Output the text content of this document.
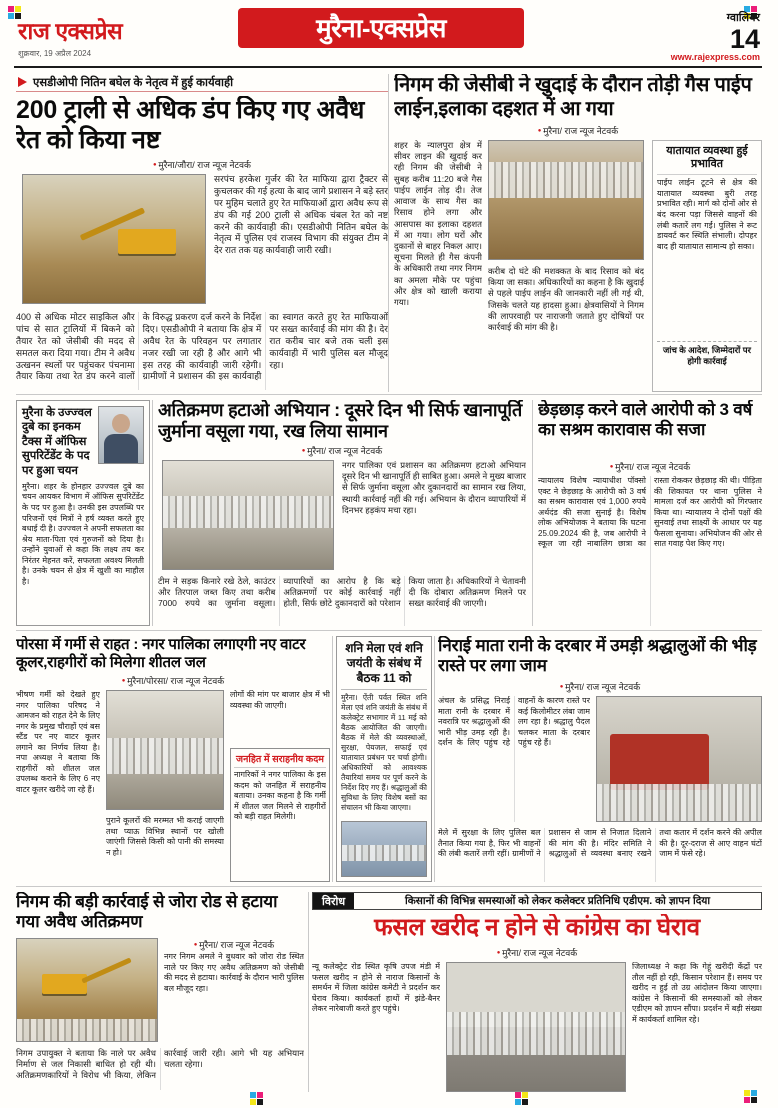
राज एक्सप्रेस
शुक्रवार, 19 अप्रैल 2024
मुरैना-एक्सप्रेस	ग्वालियर
14
www.rajexpress.com
एसडीओपी नितिन बघेल के नेतृत्व में हुई कार्यवाही
200 ट्राली से अधिक डंप किए गए अवैध रेत को किया नष्ट
● मुरैना/जौरा/ राज न्यूज नेटवर्क
सरपंच हरकेश गुर्जर की रेत माफिया द्वारा ट्रैक्टर से कुचलकर की गई हत्या के बाद जागे प्रशासन ने बड़े स्तर पर मुहिम चलाते हुए रेत माफियाओं द्वारा अवैध रूप से डंप की गई 200 ट्राली से अधिक चंबल रेत को नष्ट करने की कार्यवाही की। एसडीओपी नितिन बघेल के नेतृत्व में पुलिस एवं राजस्व विभाग की संयुक्त टीम ने देर रात तक यह कार्यवाही जारी रखी।
400 से अधिक मोटर साइकिल और पांच से सात ट्रालियों में बिकने को तैयार रेत को जेसीबी की मदद से समतल करा दिया गया। टीम ने अवैध उत्खनन स्थलों पर पहुंचकर पंचनामा तैयार किया तथा रेत डंप करने वालों के विरुद्ध प्रकरण दर्ज करने के निर्देश दिए। एसडीओपी ने बताया कि क्षेत्र में अवैध रेत के परिवहन पर लगातार नजर रखी जा रही है और आगे भी इस तरह की कार्यवाही जारी रहेगी। ग्रामीणों ने प्रशासन की इस कार्यवाही का स्वागत करते हुए रेत माफियाओं पर सख्त कार्रवाई की मांग की है। देर रात करीब चार बजे तक चली इस कार्यवाही में भारी पुलिस बल मौजूद रहा।
निगम की जेसीबी ने खुदाई के दौरान तोड़ी गैस पाईप लाईन,इलाका दहशत में आ गया
● मुरैना/ राज न्यूज नेटवर्क
शहर के न्यालपुरा क्षेत्र में सीवर लाइन की खुदाई कर रही निगम की जेसीबी ने सुबह करीब 11:20 बजे गैस पाईप लाईन तोड़ दी। तेज आवाज के साथ गैस का रिसाव होने लगा और आसपास का इलाका दहशत में आ गया। लोग घरों और दुकानों से बाहर निकल आए। सूचना मिलते ही गैस कंपनी के अधिकारी तथा नगर निगम का अमला मौके पर पहुंचा और क्षेत्र को खाली कराया गया।
करीब दो घंटे की मशक्कत के बाद रिसाव को बंद किया जा सका। अधिकारियों का कहना है कि खुदाई से पहले पाईप लाईन की जानकारी नहीं ली गई थी, जिसके चलते यह हादसा हुआ। क्षेत्रवासियों ने निगम की लापरवाही पर नाराजगी जताते हुए दोषियों पर कार्रवाई की मांग की है।
यातायात व्यवस्था हुई प्रभावित
पाईप लाईन टूटने से क्षेत्र की यातायात व्यवस्था बुरी तरह प्रभावित रही। मार्ग को दोनों ओर से बंद करना पड़ा जिससे वाहनों की लंबी कतारें लग गईं। पुलिस ने रूट डायवर्ट कर स्थिति संभाली। दोपहर बाद ही यातायात सामान्य हो सका।
जांच के आदेश, जिम्मेदारों पर होगी कार्रवाई
मुरैना के उज्ज्वल दुबे का इनकम टैक्स में ऑफिस सुपरिटेंडेंट के पद पर हुआ चयन
मुरैना। शहर के होनहार उज्ज्वल दुबे का चयन आयकर विभाग में ऑफिस सुपरिटेंडेंट के पद पर हुआ है। उनकी इस उपलब्धि पर परिजनों एवं मित्रों ने हर्ष व्यक्त करते हुए बधाई दी है। उज्ज्वल ने अपनी सफलता का श्रेय माता-पिता एवं गुरुजनों को दिया है। उन्होंने युवाओं से कहा कि लक्ष्य तय कर निरंतर मेहनत करें, सफलता अवश्य मिलती है। उनके चयन से क्षेत्र में खुशी का माहौल है।
अतिक्रमण हटाओ अभियान : दूसरे दिन भी सिर्फ खानापूर्ति जुर्माना वसूला गया, रख लिया सामान
● मुरैना/ राज न्यूज नेटवर्क
नगर पालिका एवं प्रशासन का अतिक्रमण हटाओ अभियान दूसरे दिन भी खानापूर्ति ही साबित हुआ। अमले ने मुख्य बाजार से सिर्फ जुर्माना वसूला और दुकानदारों का सामान रख लिया, स्थायी कार्रवाई नहीं की गई। अभियान के दौरान व्यापारियों में दिनभर हड़कंप मचा रहा।
टीम ने सड़क किनारे रखे ठेले, काउंटर और तिरपाल जब्त किए तथा करीब 7000 रुपये का जुर्माना वसूला। व्यापारियों का आरोप है कि बड़े अतिक्रमणों पर कोई कार्रवाई नहीं होती, सिर्फ छोटे दुकानदारों को परेशान किया जाता है। अधिकारियों ने चेतावनी दी कि दोबारा अतिक्रमण मिलने पर सख्त कार्रवाई की जाएगी।
छेड़छाड़ करने वाले आरोपी को 3 वर्ष का सश्रम कारावास की सजा
● मुरैना/ राज न्यूज नेटवर्क
न्यायालय विशेष न्यायाधीश पॉक्सो एक्ट ने छेड़छाड़ के आरोपी को 3 वर्ष का सश्रम कारावास एवं 1,000 रुपये अर्थदंड की सजा सुनाई है। विशेष लोक अभियोजक ने बताया कि घटना 25.09.2024 की है, जब आरोपी ने स्कूल जा रही नाबालिग छात्रा का रास्ता रोककर छेड़छाड़ की थी। पीड़िता की शिकायत पर थाना पुलिस ने मामला दर्ज कर आरोपी को गिरफ्तार किया था। न्यायालय ने दोनों पक्षों की सुनवाई तथा साक्ष्यों के आधार पर यह फैसला सुनाया। अभियोजन की ओर से सात गवाह पेश किए गए।
पोरसा में गर्मी से राहत : नगर पालिका लगाएगी नए वाटर कूलर,राहगीरों को मिलेगा शीतल जल
● मुरैना/पोरसा/ राज न्यूज नेटवर्क
भीषण गर्मी को देखते हुए नगर पालिका परिषद ने आमजन को राहत देने के लिए नगर के प्रमुख चौराहों एवं बस स्टैंड पर नए वाटर कूलर लगाने का निर्णय लिया है। नपा अध्यक्ष ने बताया कि राहगीरों को शीतल जल उपलब्ध कराने के लिए 6 नए वाटर कूलर खरीदे जा रहे हैं।
पुराने कूलरों की मरम्मत भी कराई जाएगी तथा प्याऊ विभिन्न स्थानों पर खोली जाएंगी जिससे किसी को पानी की समस्या न हो।
लोगों की मांग पर बाजार क्षेत्र में भी व्यवस्था की जाएगी।
जनहित में सराहनीय कदम
नागरिकों ने नगर पालिका के इस कदम को जनहित में सराहनीय बताया। उनका कहना है कि गर्मी में शीतल जल मिलने से राहगीरों को बड़ी राहत मिलेगी।
शनि मेला एवं शनि जयंती के संबंध में बैठक 11 को
मुरैना। ऐंती पर्वत स्थित शनि मेला एवं शनि जयंती के संबंध में कलेक्ट्रेट सभागार में 11 मई को बैठक आयोजित की जाएगी। बैठक में मेले की व्यवस्थाओं, सुरक्षा, पेयजल, सफाई एवं यातायात प्रबंधन पर चर्चा होगी। अधिकारियों को आवश्यक तैयारियां समय पर पूर्ण करने के निर्देश दिए गए हैं। श्रद्धालुओं की सुविधा के लिए विशेष बसों का संचालन भी किया जाएगा।
निराई माता रानी के दरबार में उमड़ी श्रद्धालुओं की भीड़ रास्ते पर लगा जाम
● मुरैना/ राज न्यूज नेटवर्क
अंचल के प्रसिद्ध निराई माता रानी के दरबार में नवरात्रि पर श्रद्धालुओं की भारी भीड़ उमड़ रही है। दर्शन के लिए पहुंच रहे वाहनों के कारण रास्ते पर कई किलोमीटर लंबा जाम लग रहा है। श्रद्धालु पैदल चलकर माता के दरबार पहुंच रहे हैं।
मेले में सुरक्षा के लिए पुलिस बल तैनात किया गया है, फिर भी वाहनों की लंबी कतारें लगी रहीं। ग्रामीणों ने प्रशासन से जाम से निजात दिलाने की मांग की है। मंदिर समिति ने श्रद्धालुओं से व्यवस्था बनाए रखने तथा कतार में दर्शन करने की अपील की है। दूर-दराज से आए वाहन घंटों जाम में फंसे रहे।
निगम की बड़ी कार्रवाई से जोरा रोड से हटाया गया अवैध अतिक्रमण
● मुरैना/ राज न्यूज नेटवर्क
नगर निगम अमले ने बुधवार को जोरा रोड स्थित नाले पर किए गए अवैध अतिक्रमण को जेसीबी की मदद से हटाया। कार्रवाई के दौरान भारी पुलिस बल मौजूद रहा।
निगम उपायुक्त ने बताया कि नाले पर अवैध निर्माण से जल निकासी बाधित हो रही थी। अतिक्रमणकारियों ने विरोध भी किया, लेकिन कार्रवाई जारी रही। आगे भी यह अभियान चलता रहेगा।
विरोध	किसानों की विभिन्न समस्याओं को लेकर कलेक्टर प्रतिनिधि एडीएम. को ज्ञापन दिया
फसल खरीद न होने से कांग्रेस का घेराव
● मुरैना/ राज न्यूज नेटवर्क
न्यू कलेक्ट्रेट रोड स्थित कृषि उपज मंडी में फसल खरीद न होने से नाराज किसानों के समर्थन में जिला कांग्रेस कमेटी ने प्रदर्शन कर घेराव किया। कार्यकर्ता हाथों में झंडे-बैनर लेकर नारेबाजी करते हुए पहुंचे।
जिलाध्यक्ष ने कहा कि गेहूं खरीदी केंद्रों पर तौल नहीं हो रही, किसान परेशान हैं। समय पर खरीद न हुई तो उग्र आंदोलन किया जाएगा। कांग्रेस ने किसानों की समस्याओं को लेकर एडीएम को ज्ञापन सौंपा। प्रदर्शन में बड़ी संख्या में कार्यकर्ता शामिल रहे।
